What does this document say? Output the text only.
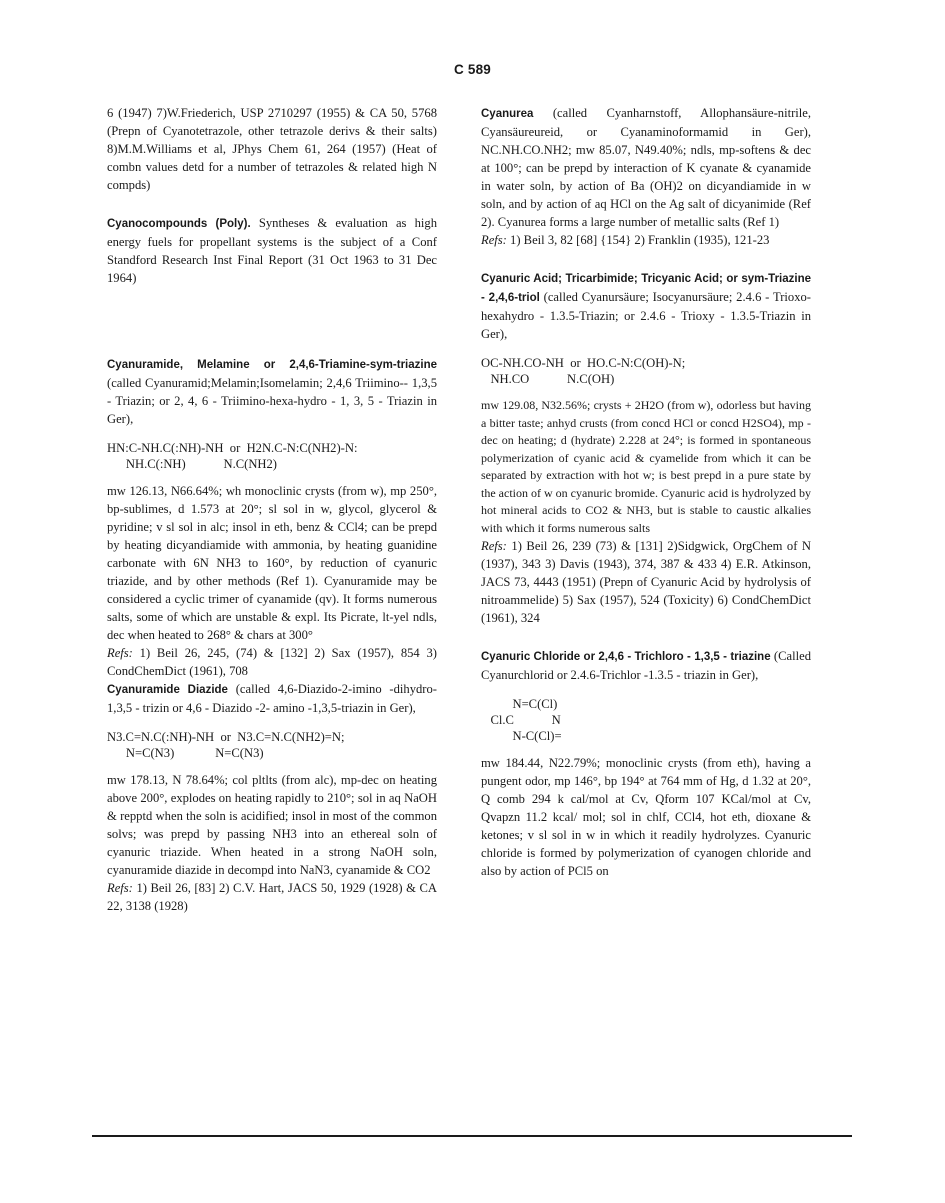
C 589

6 (1947) 7)W.Friederich, USP 2710297 (1955) & CA 50, 5768 (Prepn of Cyanotetrazole, other tetrazole derivs & their salts) 8)M.M.Williams et al, JPhys Chem 61, 264 (1957) (Heat of combn values detd for a number of tetrazoles & related high N compds)

Cyanocompounds (Poly). Syntheses & evaluation as high energy fuels for propellant systems is the subject of a Conf Standford Research Inst Final Report (31 Oct 1963 to 31 Dec 1964)

Cyanuramide, Melamine or 2,4,6-Triamine-sym-triazine (called Cyanuramid;Melamin;Isomelamin; 2,4,6 Triimino-- 1,3,5 - Triazin; or 2, 4, 6 - Triimino-hexa-hydro - 1, 3, 5 - Triazin in Ger),

HN:C-NH.C(:NH)-NH  or  H2N.C-N:C(NH2)-N:
NH.C(:NH)            N.C(NH2)

mw 126.13, N66.64%; wh monoclinic crysts (from w), mp 250°, bp-sublimes, d 1.573 at 20°; sl sol in w, glycol, glycerol & pyridine; v sl sol in alc; insol in eth, benz & CCl4; can be prepd by heating dicyandiamide with ammonia, by heating guanidine carbonate with 6N NH3 to 160°, by reduction of cyanuric triazide, and by other methods (Ref 1). Cyanuramide may be considered a cyclic trimer of cyanamide (qv). It forms numerous salts, some of which are unstable & expl. Its Picrate, lt-yel ndls, dec when heated to 268° & chars at 300°

Refs: 1) Beil 26, 245, (74) & [132] 2) Sax (1957), 854 3) CondChemDict (1961), 708

Cyanuramide Diazide (called 4,6-Diazido-2-imino -dihydro-1,3,5 - trizin or 4,6 - Diazido -2- amino -1,3,5-triazin in Ger),

N3.C=N.C(:NH)-NH  or  N3.C=N.C(NH2)=N;
N=C(N3)             N=C(N3)

mw 178.13, N 78.64%; col pltlts (from alc), mp-dec on heating above 200°, explodes on heating rapidly to 210°; sol in aq NaOH & repptd when the soln is acidified; insol in most of the common solvs; was prepd by passing NH3 into an ethereal soln of cyanuric triazide. When heated in a strong NaOH soln, cyanuramide diazide in decompd into NaN3, cyanamide & CO2

Refs: 1) Beil 26, [83] 2) C.V. Hart, JACS 50, 1929 (1928) & CA 22, 3138 (1928)

Cyanurea (called Cyanharnstoff, Allophansäure-nitrile, Cyansäureureid, or Cyanaminoformamid in Ger), NC.NH.CO.NH2; mw 85.07, N49.40%; ndls, mp-softens & dec at 100°; can be prepd by interaction of K cyanate & cyanamide in water soln, by action of Ba (OH)2 on dicyandiamide in w soln, and by action of aq HCl on the Ag salt of dicyanimide (Ref 2). Cyanurea forms a large number of metallic salts (Ref 1)

Refs: 1) Beil 3, 82 [68] {154} 2) Franklin (1935), 121-23

Cyanuric Acid; Tricarbimide; Tricyanic Acid; or sym-Triazine - 2,4,6-triol (called Cyanursäure; Isocyanursäure; 2.4.6 - Trioxo-hexahydro - 1.3.5-Triazin; or 2.4.6 - Trioxy - 1.3.5-Triazin in Ger),

OC-NH.CO-NH  or  HO.C-N:C(OH)-N;
NH.CO            N.C(OH)

mw 129.08, N32.56%; crysts + 2H2O (from w), odorless but having a bitter taste; anhyd crusts (from concd HCl or concd H2SO4), mp - dec on heating; d (hydrate) 2.228 at 24°; is formed in spontaneous polymerization of cyanic acid & cyamelide from which it can be separated by extraction with hot w; is best prepd in a pure state by the action of w on cyanuric bromide. Cyanuric acid is hydrolyzed by hot mineral acids to CO2 & NH3, but is stable to caustic alkalies with which it forms numerous salts

Refs: 1) Beil 26, 239 (73) & [131] 2)Sidgwick, OrgChem of N (1937), 343 3) Davis (1943), 374, 387 & 433 4) E.R. Atkinson, JACS 73, 4443 (1951) (Prepn of Cyanuric Acid by hydrolysis of nitroammelide) 5) Sax (1957), 524 (Toxicity) 6) CondChemDict (1961), 324

Cyanuric Chloride or 2,4,6 - Trichloro - 1,3,5 - triazine (Called Cyanurchlorid or 2.4.6-Trichlor -1.3.5 - triazin in Ger),

N=C(Cl)
Cl.C            N
N-C(Cl)=

mw 184.44, N22.79%; monoclinic crysts (from eth), having a pungent odor, mp 146°, bp 194° at 764 mm of Hg, d 1.32 at 20°, Q comb 294 k cal/mol at Cv, Qform 107 KCal/mol at Cv, Qvapzn 11.2 kcal/ mol; sol in chlf, CCl4, hot eth, dioxane & ketones; v sl sol in w in which it readily hydrolyzes. Cyanuric chloride is formed by polymerization of cyanogen chloride and also by action of PCl5 on
